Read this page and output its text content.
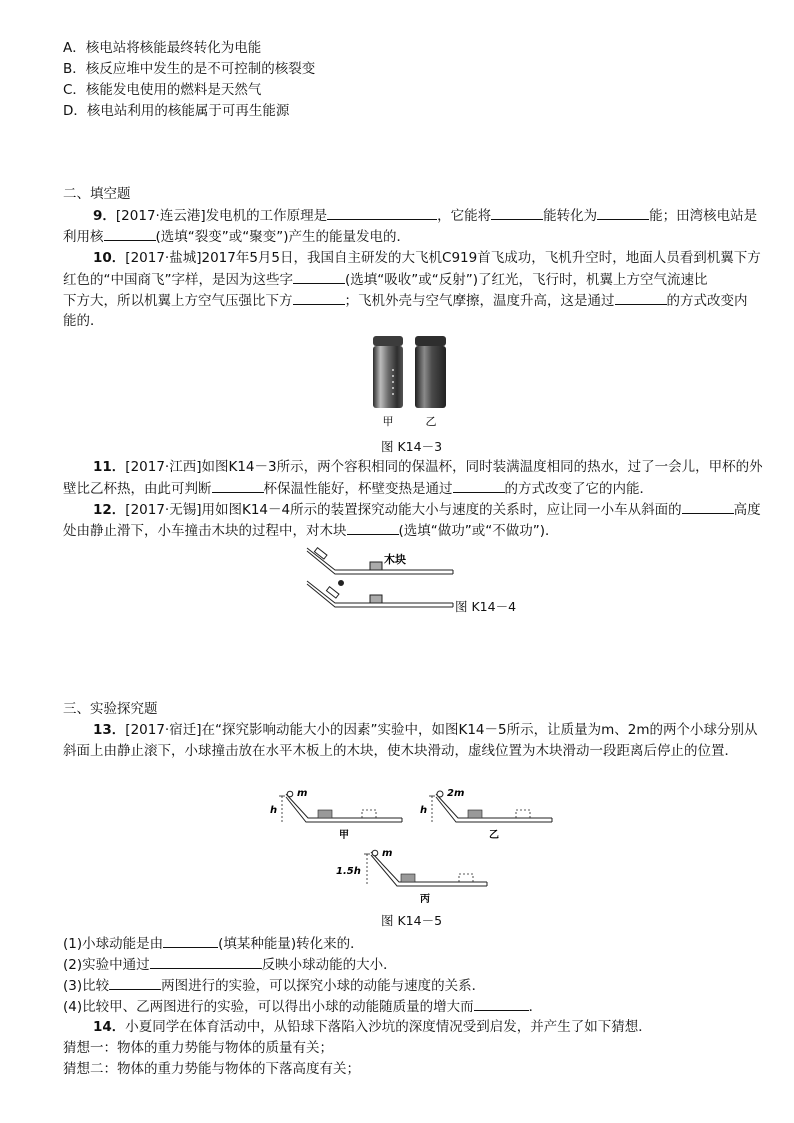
A．核电站将核能最终转化为电能
B．核反应堆中发生的是不可控制的核裂变
C．核能发电使用的燃料是天然气
D．核电站利用的核能属于可再生能源
二、填空题
9．[2017·连云港]发电机的工作原理是	，它能将	能转化为	能；田湾核电站是
利用核	(选填“裂变”或“聚变”)产生的能量发电的．
10．[2017·盐城]2017年5月5日，我国自主研发的大飞机C919首飞成功，飞机升空时，地面人员看到机翼下方
红色的“中国商飞”字样，是因为这些字	(选填“吸收”或“反射”)了红光，飞行时，机翼上方空气流速比
下方大，所以机翼上方空气压强比下方	；飞机外壳与空气摩擦，温度升高，这是通过	的方式改变内
能的．
甲	乙
图 K14－3
11．[2017·江西]如图K14－3所示，两个容积相同的保温杯，同时装满温度相同的热水，过了一会儿，甲杯的外
壁比乙杯热，由此可判断	杯保温性能好，杯壁变热是通过	的方式改变了它的内能．
12．[2017·无锡]用如图K14－4所示的装置探究动能大小与速度的关系时，应让同一小车从斜面的	高度
处由静止滑下，小车撞击木块的过程中，对木块	(选填“做功”或“不做功”)．
木块
图 K14－4
三、实验探究题
13．[2017·宿迁]在“探究影响动能大小的因素”实验中，如图K14－5所示，让质量为m、2m的两个小球分别从
斜面上由静止滚下，小球撞击放在水平木板上的木块，使木块滑动，虚线位置为木块滑动一段距离后停止的位置．
h
m
甲
h
2m
乙
1.5h
m
丙
图 K14－5
(1)小球动能是由	(填某种能量)转化来的．
(2)实验中通过	反映小球动能的大小．
(3)比较	两图进行的实验，可以探究小球的动能与速度的关系．
(4)比较甲、乙两图进行的实验，可以得出小球的动能随质量的增大而	．
14．小夏同学在体育活动中，从铅球下落陷入沙坑的深度情况受到启发，并产生了如下猜想．
猜想一：物体的重力势能与物体的质量有关；
猜想二：物体的重力势能与物体的下落高度有关；
